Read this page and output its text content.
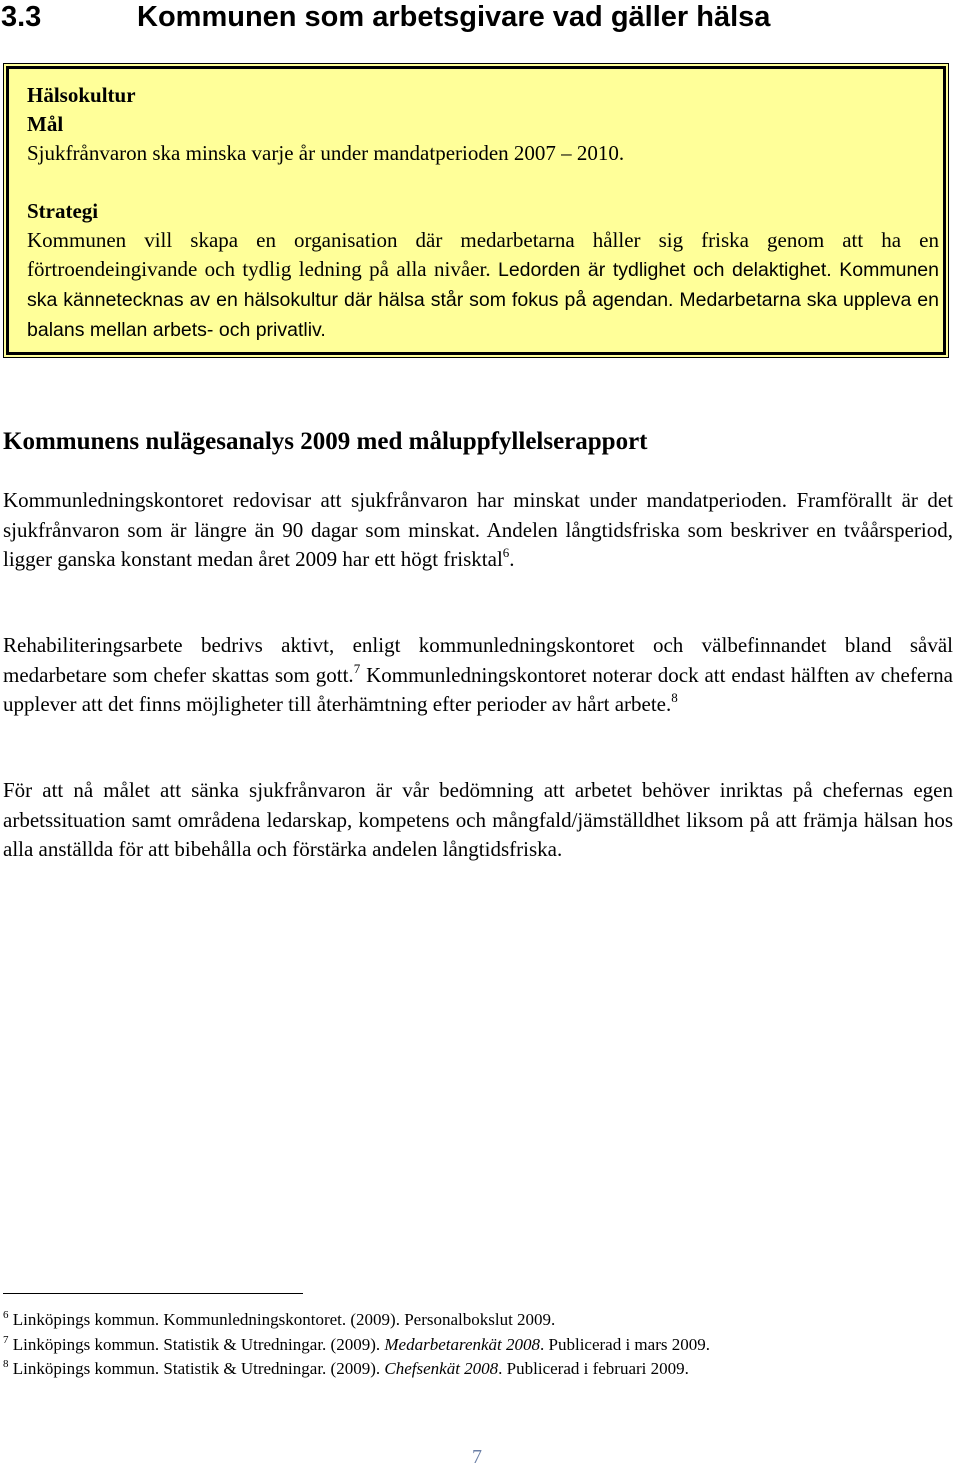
3.3	Kommunen som arbetsgivare vad gäller hälsa
Hälsokultur
Mål
Sjukfrånvaron ska minska varje år under mandatperioden 2007 – 2010.
Strategi
Kommunen vill skapa en organisation där medarbetarna håller sig friska genom att ha en förtroendeingivande och tydlig ledning på alla nivåer. Ledorden är tydlighet och delaktighet. Kommunen ska kännetecknas av en hälsokultur där hälsa står som fokus på agendan. Medarbetarna ska uppleva en balans mellan arbets- och privatliv.
Kommunens nulägesanalys 2009 med måluppfyllelserapport
Kommunledningskontoret redovisar att sjukfrånvaron har minskat under mandatperioden. Framförallt är det sjukfrånvaron som är längre än 90 dagar som minskat. Andelen långtidsfriska som beskriver en tvåårsperiod, ligger ganska konstant medan året 2009 har ett högt frisktal$^6$.
Rehabiliteringsarbete bedrivs aktivt, enligt kommunledningskontoret och välbefinnandet bland såväl medarbetare som chefer skattas som gott.$^7$ Kommunledningskontoret noterar dock att endast hälften av cheferna upplever att det finns möjligheter till återhämtning efter perioder av hårt arbete.$^8$
För att nå målet att sänka sjukfrånvaron är vår bedömning att arbetet behöver inriktas på chefernas egen arbetssituation samt områdena ledarskap, kompetens och mångfald/jämställdhet liksom på att främja hälsan hos alla anställda för att bibehålla och förstärka andelen långtidsfriska.
$^6$ Linköpings kommun. Kommunledningskontoret. (2009). Personalbokslut 2009.
$^7$ Linköpings kommun. Statistik & Utredningar. (2009). Medarbetarenkät 2008. Publicerad i mars 2009.
$^8$ Linköpings kommun. Statistik & Utredningar. (2009). Chefsenkät 2008. Publicerad i februari 2009.
7
